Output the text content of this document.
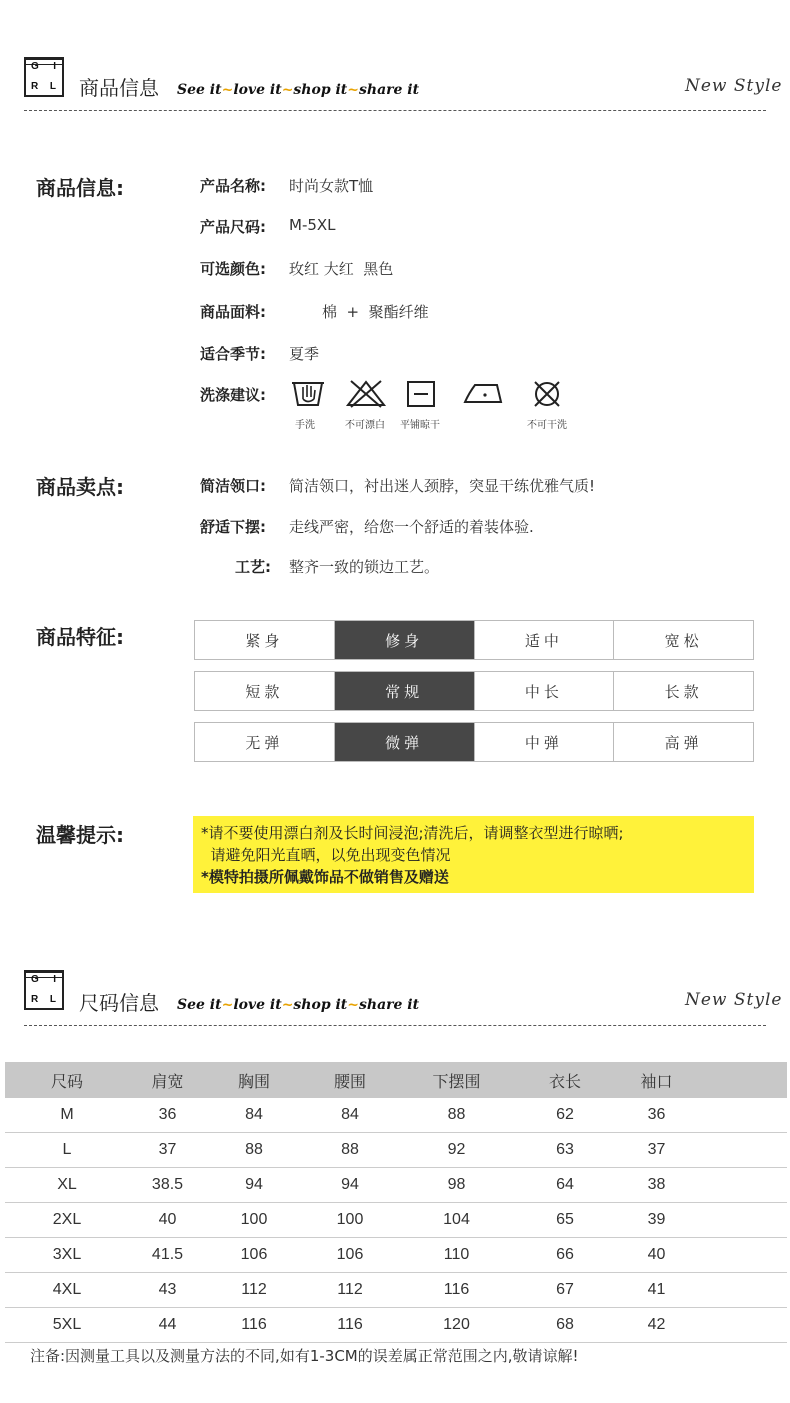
G I
R L 商品信息 See it~love it~shop it~share it	New Style
商品信息:	产品名称: 时尚女款T恤
产品尺码: M-5XL
可选颜色: 玫红 大红  黑色
商品面料:	棉  +  聚酯纤维
适合季节: 夏季
洗涤建议:
手洗	不可漂白 平铺晾干	不可干洗
商品卖点:	简洁领口: 简洁领口，衬出迷人颈脖，突显干练优雅气质!
舒适下摆: 走线严密，给您一个舒适的着装体验.
工艺: 整齐一致的锁边工艺。
商品特征:	紧身	修身	适中	宽松
短款	常规	中长	长款
无弹	微弹	中弹	高弹
温馨提示:	*请不要使用漂白剂及长时间浸泡;清洗后，请调整衣型进行晾晒;
请避免阳光直晒，以免出现变色情况
*模特拍摄所佩戴饰品不做销售及赠送
G I
R L 尺码信息 See it~love it~shop it~share it	New Style
尺码	肩宽	胸围	腰围	下摆围	衣长	袖口	
M	36	84	84	88	62	36	
L	37	88	88	92	63	37	
XL	38.5	94	94	98	64	38	
2XL	40	100	100	104	65	39	
3XL	41.5	106	106	110	66	40	
4XL	43	112	112	116	67	41	
5XL	44	116	116	120	68	42	
注备:因测量工具以及测量方法的不同,如有1-3CM的误差属正常范围之内,敬请谅解!
